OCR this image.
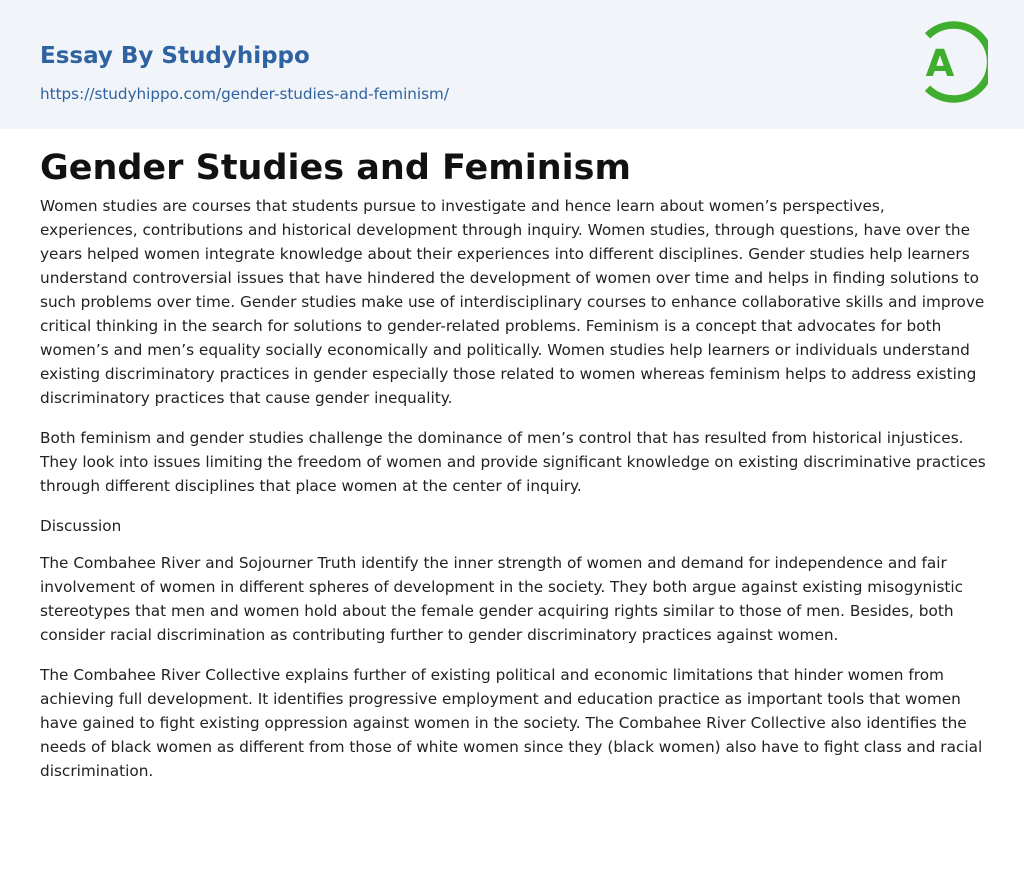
Essay By Studyhippo
https://studyhippo.com/gender-studies-and-feminism/
A
Gender Studies and Feminism

Women studies are courses that students pursue to investigate and hence learn about women’s perspectives, experiences, contributions and historical development through inquiry. Women studies, through questions, have over the years helped women integrate knowledge about their experiences into different disciplines. Gender studies help learners understand controversial issues that have hindered the development of women over time and helps in finding solutions to such problems over time. Gender studies make use of interdisciplinary courses to enhance collaborative skills and improve critical thinking in the search for solutions to gender-related problems. Feminism is a concept that advocates for both women’s and men’s equality socially economically and politically. Women studies help learners or individuals understand existing discriminatory practices in gender especially those related to women whereas feminism helps to address existing discriminatory practices that cause gender inequality.

Both feminism and gender studies challenge the dominance of men’s control that has resulted from historical injustices. They look into issues limiting the freedom of women and provide significant knowledge on existing discriminative practices through different disciplines that place women at the center of inquiry.

Discussion

The Combahee River and Sojourner Truth identify the inner strength of women and demand for independence and fair involvement of women in different spheres of development in the society. They both argue against existing misogynistic stereotypes that men and women hold about the female gender acquiring rights similar to those of men. Besides, both consider racial discrimination as contributing further to gender discriminatory practices against women.

The Combahee River Collective explains further of existing political and economic limitations that hinder women from achieving full development. It identifies progressive employment and education practice as important tools that women have gained to fight existing oppression against women in the society. The Combahee River Collective also identifies the needs of black women as different from those of white women since they (black women) also have to fight class and racial discrimination.
